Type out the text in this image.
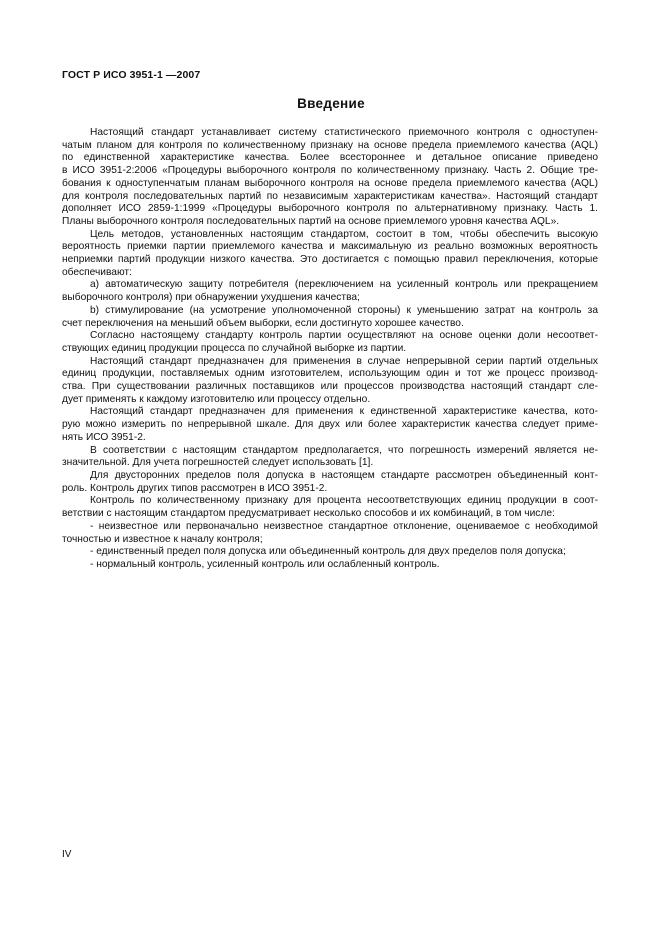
ГОСТ Р ИСО 3951-1 —2007
Введение
Настоящий стандарт устанавливает систему статистического приемочного контроля с одноступен-
чатым планом для контроля по количественному признаку на основе предела приемлемого качества (AQL)
по единственной характеристике качества. Более всестороннее и детальное описание приведено
в ИСО 3951-2:2006 «Процедуры выборочного контроля по количественному признаку. Часть 2. Общие тре-
бования к одноступенчатым планам выборочного контроля на основе предела приемлемого качества (AQL)
для контроля последовательных партий по независимым характеристикам качества». Настоящий стандарт
дополняет ИСО 2859-1:1999 «Процедуры выборочного контроля по альтернативному признаку. Часть 1.
Планы выборочного контроля последовательных партий на основе приемлемого уровня качества AQL».
Цель методов, установленных настоящим стандартом, состоит в том, чтобы обеспечить высокую
вероятность приемки партии приемлемого качества и максимальную из реально возможных вероятность
неприемки партий продукции низкого качества. Это достигается с помощью правил переключения, которые
обеспечивают:
a) автоматическую защиту потребителя (переключением на усиленный контроль или прекращением
выборочного контроля) при обнаружении ухудшения качества;
b) стимулирование (на усмотрение уполномоченной стороны) к уменьшению затрат на контроль за
счет переключения на меньший объем выборки, если достигнуто хорошее качество.
Согласно настоящему стандарту контроль партии осуществляют на основе оценки доли несоответ-
ствующих единиц продукции процесса по случайной выборке из партии.
Настоящий стандарт предназначен для применения в случае непрерывной серии партий отдельных
единиц продукции, поставляемых одним изготовителем, использующим один и тот же процесс производ-
ства. При существовании различных поставщиков или процессов производства настоящий стандарт сле-
дует применять к каждому изготовителю или процессу отдельно.
Настоящий стандарт предназначен для применения к единственной характеристике качества, кото-
рую можно измерить по непрерывной шкале. Для двух или более характеристик качества следует приме-
нять ИСО 3951-2.
В соответствии с настоящим стандартом предполагается, что погрешность измерений является не-
значительной. Для учета погрешностей следует использовать [1].
Для двусторонних пределов поля допуска в настоящем стандарте рассмотрен объединенный конт-
роль. Контроль других типов рассмотрен в ИСО 3951-2.
Контроль по количественному признаку для процента несоответствующих единиц продукции в соот-
ветствии с настоящим стандартом предусматривает несколько способов и их комбинаций, в том числе:
- неизвестное или первоначально неизвестное стандартное отклонение, оцениваемое с необходимой
точностью и известное к началу контроля;
- единственный предел поля допуска или объединенный контроль для двух пределов поля допуска;
- нормальный контроль, усиленный контроль или ослабленный контроль.
IV
